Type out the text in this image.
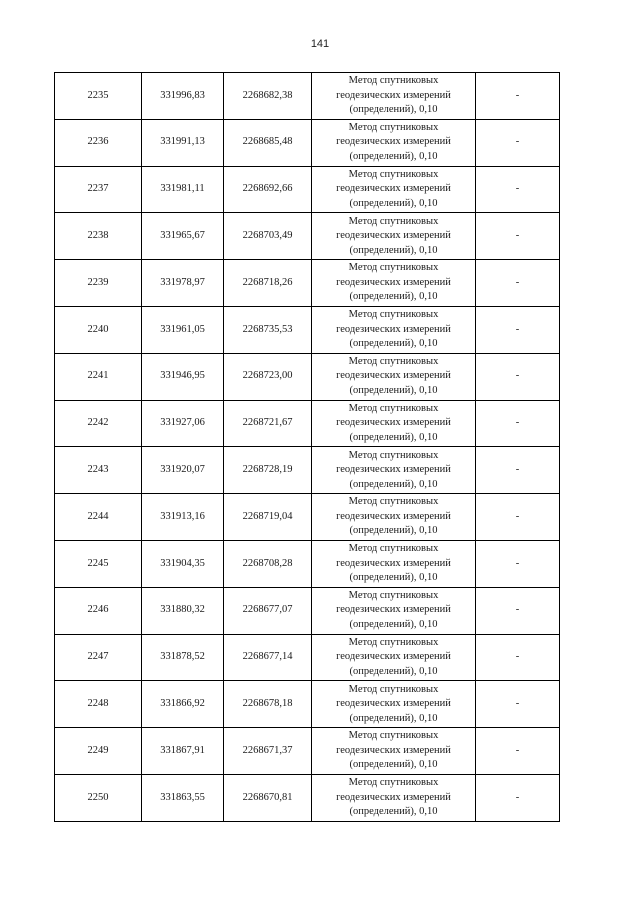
141
2235	331996,83	2268682,38	Метод спутниковых
геодезических измерений
(определений), 0,10	-
2236	331991,13	2268685,48	Метод спутниковых
геодезических измерений
(определений), 0,10	-
2237	331981,11	2268692,66	Метод спутниковых
геодезических измерений
(определений), 0,10	-
2238	331965,67	2268703,49	Метод спутниковых
геодезических измерений
(определений), 0,10	-
2239	331978,97	2268718,26	Метод спутниковых
геодезических измерений
(определений), 0,10	-
2240	331961,05	2268735,53	Метод спутниковых
геодезических измерений
(определений), 0,10	-
2241	331946,95	2268723,00	Метод спутниковых
геодезических измерений
(определений), 0,10	-
2242	331927,06	2268721,67	Метод спутниковых
геодезических измерений
(определений), 0,10	-
2243	331920,07	2268728,19	Метод спутниковых
геодезических измерений
(определений), 0,10	-
2244	331913,16	2268719,04	Метод спутниковых
геодезических измерений
(определений), 0,10	-
2245	331904,35	2268708,28	Метод спутниковых
геодезических измерений
(определений), 0,10	-
2246	331880,32	2268677,07	Метод спутниковых
геодезических измерений
(определений), 0,10	-
2247	331878,52	2268677,14	Метод спутниковых
геодезических измерений
(определений), 0,10	-
2248	331866,92	2268678,18	Метод спутниковых
геодезических измерений
(определений), 0,10	-
2249	331867,91	2268671,37	Метод спутниковых
геодезических измерений
(определений), 0,10	-
2250	331863,55	2268670,81	Метод спутниковых
геодезических измерений
(определений), 0,10	-
